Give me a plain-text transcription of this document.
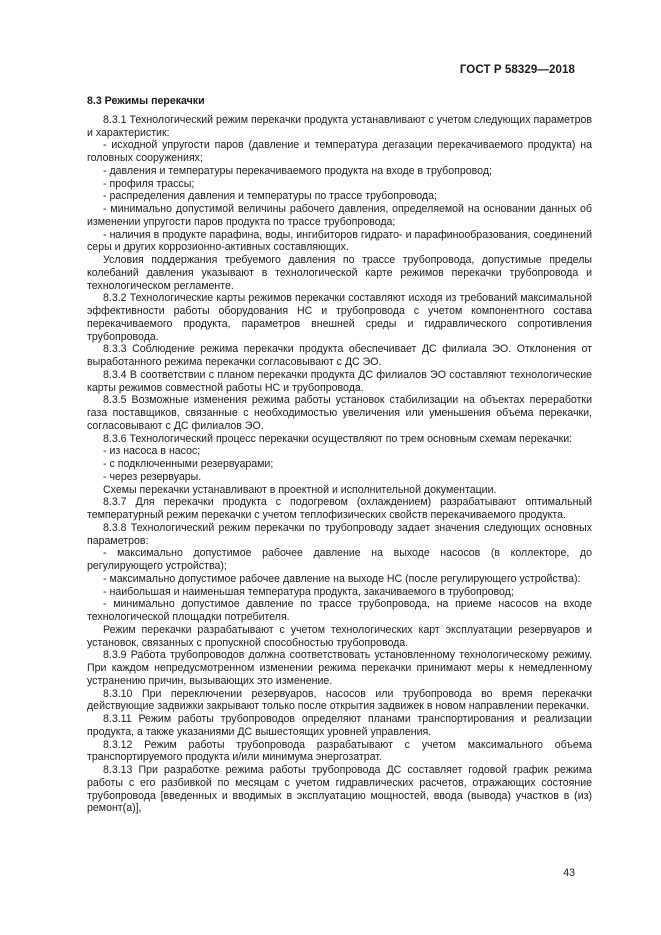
ГОСТ Р 58329—2018
8.3 Режимы перекачки

8.3.1 Технологический режим перекачки продукта устанавливают с учетом следующих параметров и характеристик:

- исходной упругости паров (давление и температура дегазации перекачиваемого продукта) на головных сооружениях;

- давления и температуры перекачиваемого продукта на входе в трубопровод;

- профиля трассы;

- распределения давления и температуры по трассе трубопровода;

- минимально допустимой величины рабочего давления, определяемой на основании данных об изменении упругости паров продукта по трассе трубопровода;

- наличия в продукте парафина, воды, ингибиторов гидрато- и парафинообразования, соединений серы и других коррозионно-активных составляющих.

Условия поддержания требуемого давления по трассе трубопровода, допустимые пределы колебаний давления указывают в технологической карте режимов перекачки трубопровода и технологическом регламенте.

8.3.2 Технологические карты режимов перекачки составляют исходя из требований максимальной эффективности работы оборудования НС и трубопровода с учетом компонентного состава перекачиваемого продукта, параметров внешней среды и гидравлического сопротивления трубопровода.

8.3.3 Соблюдение режима перекачки продукта обеспечивает ДС филиала ЭО. Отклонения от выработанного режима перекачки согласовывают с ДС ЭО.

8.3.4 В соответствии с планом перекачки продукта ДС филиалов ЭО составляют технологические карты режимов совместной работы НС и трубопровода.

8.3.5 Возможные изменения режима работы установок стабилизации на объектах переработки газа поставщиков, связанные с необходимостью увеличения или уменьшения объема перекачки, согласовывают с ДС филиалов ЭО.

8.3.6 Технологический процесс перекачки осуществляют по трем основным схемам перекачки:

- из насоса в насос;

- с подключенными резервуарами;

- через резервуары.

Схемы перекачки устанавливают в проектной и исполнительной документации.

8.3.7 Для перекачки продукта с подогревом (охлаждением) разрабатывают оптимальный температурный режим перекачки с учетом теплофизических свойств перекачиваемого продукта.

8.3.8 Технологический режим перекачки по трубопроводу задает значения следующих основных параметров:

- максимально допустимое рабочее давление на выходе насосов (в коллекторе, до регулирующего устройства);

- максимально допустимое рабочее давление на выходе НС (после регулирующего устройства):

- наибольшая и наименьшая температура продукта, закачиваемого в трубопровод;

- минимально допустимое давление по трассе трубопровода, на приеме насосов на входе технологической площадки потребителя.

Режим перекачки разрабатывают с учетом технологических карт эксплуатации резервуаров и установок, связанных с пропускной способностью трубопровода.

8.3.9 Работа трубопроводов должна соответствовать установленному технологическому режиму. При каждом непредусмотренном изменении режима перекачки принимают меры к немедленному устранению причин, вызывающих это изменение.

8.3.10 При переключении резервуаров, насосов или трубопровода во время перекачки действующие задвижки закрывают только после открытия задвижек в новом направлении перекачки.

8.3.11 Режим работы трубопроводов определяют планами транспортирования и реализации продукта, а также указаниями ДС вышестоящих уровней управления.

8.3.12 Режим работы трубопровода разрабатывают с учетом максимального объема транспортируемого продукта и/или минимума энергозатрат.

8.3.13 При разработке режима работы трубопровода ДС составляет годовой график режима работы с его разбивкой по месяцам с учетом гидравлических расчетов, отражающих состояние трубопровода [введенных и вводимых в эксплуатацию мощностей, ввода (вывода) участков в (из) ремонт(а)],

43
